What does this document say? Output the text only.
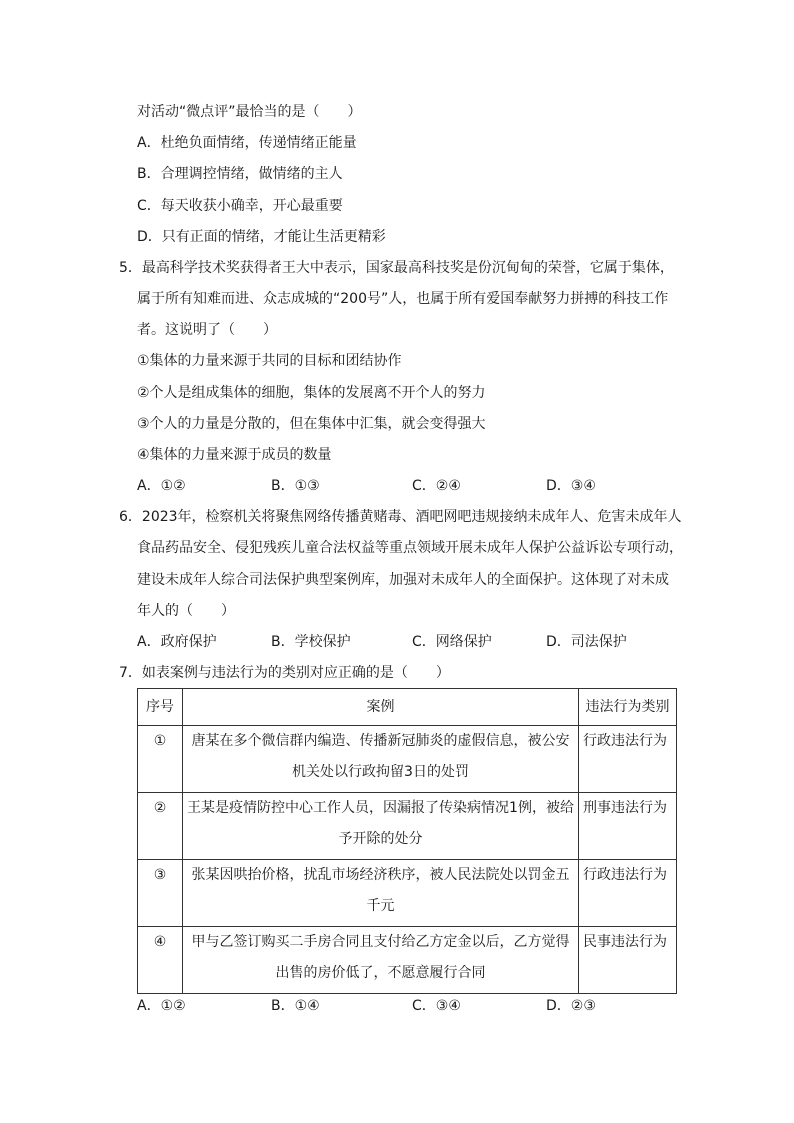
对活动“微点评”最恰当的是（　　）
A．杜绝负面情绪，传递情绪正能量
B．合理调控情绪，做情绪的主人
C．每天收获小确幸，开心最重要
D．只有正面的情绪，才能让生活更精彩
5．最高科学技术奖获得者王大中表示，国家最高科技奖是份沉甸甸的荣誉，它属于集体，
属于所有知难而进、众志成城的“200号”人，也属于所有爱国奉献努力拼搏的科技工作
者。这说明了（　　）
①集体的力量来源于共同的目标和团结协作
②个人是组成集体的细胞，集体的发展离不开个人的努力
③个人的力量是分散的，但在集体中汇集，就会变得强大
④集体的力量来源于成员的数量
A．①②	B．①③	C．②④	D．③④
6．2023年，检察机关将聚焦网络传播黄赌毒、酒吧网吧违规接纳未成年人、危害未成年人
食品药品安全、侵犯残疾儿童合法权益等重点领域开展未成年人保护公益诉讼专项行动，
建设未成年人综合司法保护典型案例库，加强对未成年人的全面保护。这体现了对未成
年人的（　　）
A．政府保护	B．学校保护	C．网络保护	D．司法保护
7．如表案例与违法行为的类别对应正确的是（　　）
序号	案例	违法行为类别
①	唐某在多个微信群内编造、传播新冠肺炎的虚假信息，被公安机关处以行政拘留3日的处罚	行政违法行为
②	王某是疫情防控中心工作人员，因漏报了传染病情况1例，被给予开除的处分	刑事违法行为
③	张某因哄抬价格，扰乱市场经济秩序，被人民法院处以罚金五千元	行政违法行为
④	甲与乙签订购买二手房合同且支付给乙方定金以后，乙方觉得出售的房价低了，不愿意履行合同	民事违法行为
A．①②	B．①④	C．③④	D．②③
